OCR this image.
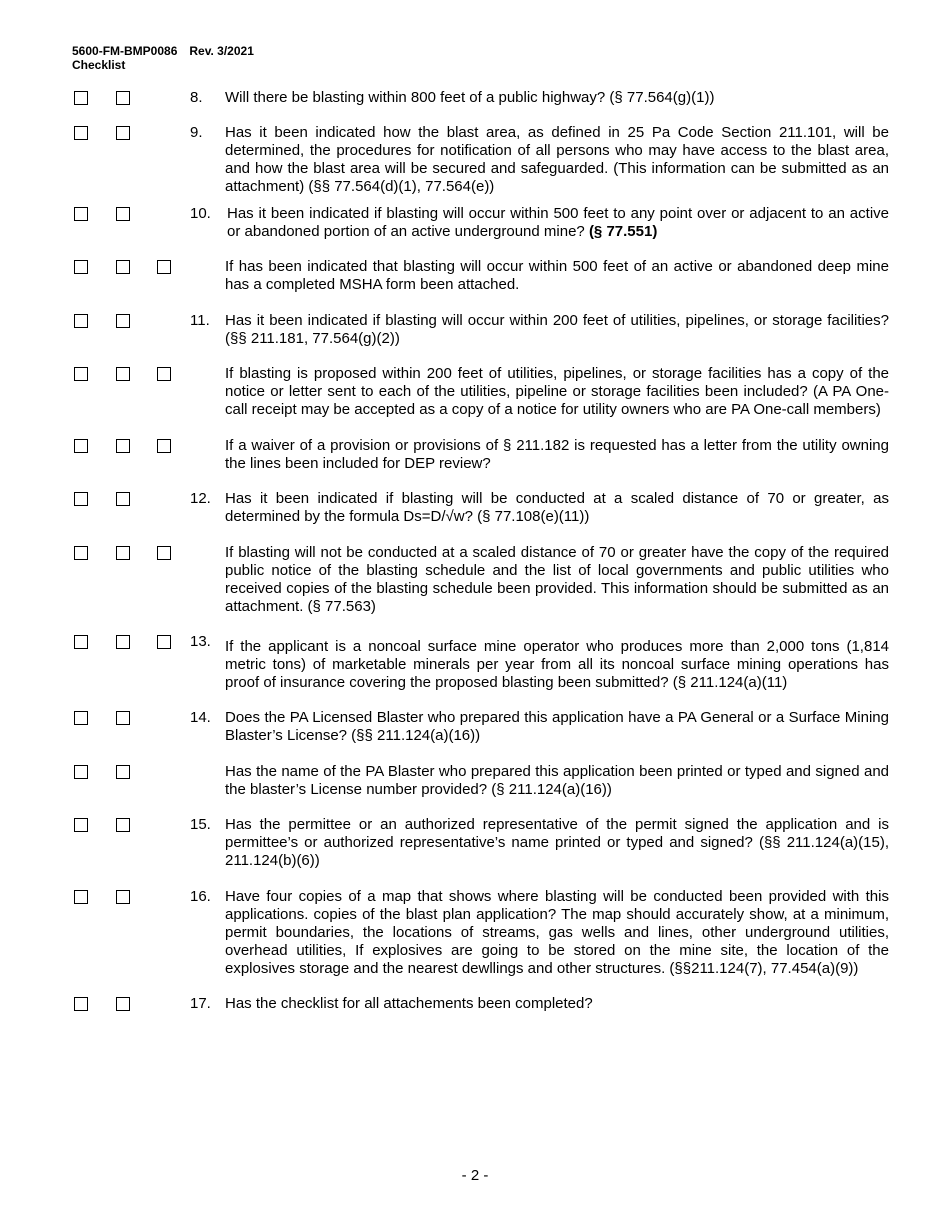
5600-FM-BMP0086 Rev. 3/2021
Checklist
8. Will there be blasting within 800 feet of a public highway? (§ 77.564(g)(1))
9. Has it been indicated how the blast area, as defined in 25 Pa Code Section 211.101, will be determined, the procedures for notification of all persons who may have access to the blast area, and how the blast area will be secured and safeguarded. (This information can be submitted as an attachment) (§§ 77.564(d)(1), 77.564(e))
10. Has it been indicated if blasting will occur within 500 feet to any point over or adjacent to an active or abandoned portion of an active underground mine? (§ 77.551)
If has been indicated that blasting will occur within 500 feet of an active or abandoned deep mine has a completed MSHA form been attached.
11. Has it been indicated if blasting will occur within 200 feet of utilities, pipelines, or storage facilities? (§§ 211.181, 77.564(g)(2))
If blasting is proposed within 200 feet of utilities, pipelines, or storage facilities has a copy of the notice or letter sent to each of the utilities, pipeline or storage facilities been included? (A PA One-call receipt may be accepted as a copy of a notice for utility owners who are PA One-call members)
If a waiver of a provision or provisions of § 211.182 is requested has a letter from the utility owning the lines been included for DEP review?
12. Has it been indicated if blasting will be conducted at a scaled distance of 70 or greater, as determined by the formula Ds=D/√w? (§ 77.108(e)(11))
If blasting will not be conducted at a scaled distance of 70 or greater have the copy of the required public notice of the blasting schedule and the list of local governments and public utilities who received copies of the blasting schedule been provided. This information should be submitted as an attachment. (§ 77.563)
13. If the applicant is a noncoal surface mine operator who produces more than 2,000 tons (1,814 metric tons) of marketable minerals per year from all its noncoal surface mining operations has proof of insurance covering the proposed blasting been submitted? (§ 211.124(a)(11)
14. Does the PA Licensed Blaster who prepared this application have a PA General or a Surface Mining Blaster’s License? (§§ 211.124(a)(16))
Has the name of the PA Blaster who prepared this application been printed or typed and signed and the blaster’s License number provided? (§ 211.124(a)(16))
15. Has the permittee or an authorized representative of the permit signed the application and is permittee’s or authorized representative’s name printed or typed and signed? (§§ 211.124(a)(15), 211.124(b)(6))
16. Have four copies of a map that shows where blasting will be conducted been provided with this applications. copies of the blast plan application? The map should accurately show, at a minimum, permit boundaries, the locations of streams, gas wells and lines, other underground utilities, overhead utilities, If explosives are going to be stored on the mine site, the location of the explosives storage and the nearest dewllings and other structures. (§§211.124(7), 77.454(a)(9))
17. Has the checklist for all attachements been completed?
- 2 -
